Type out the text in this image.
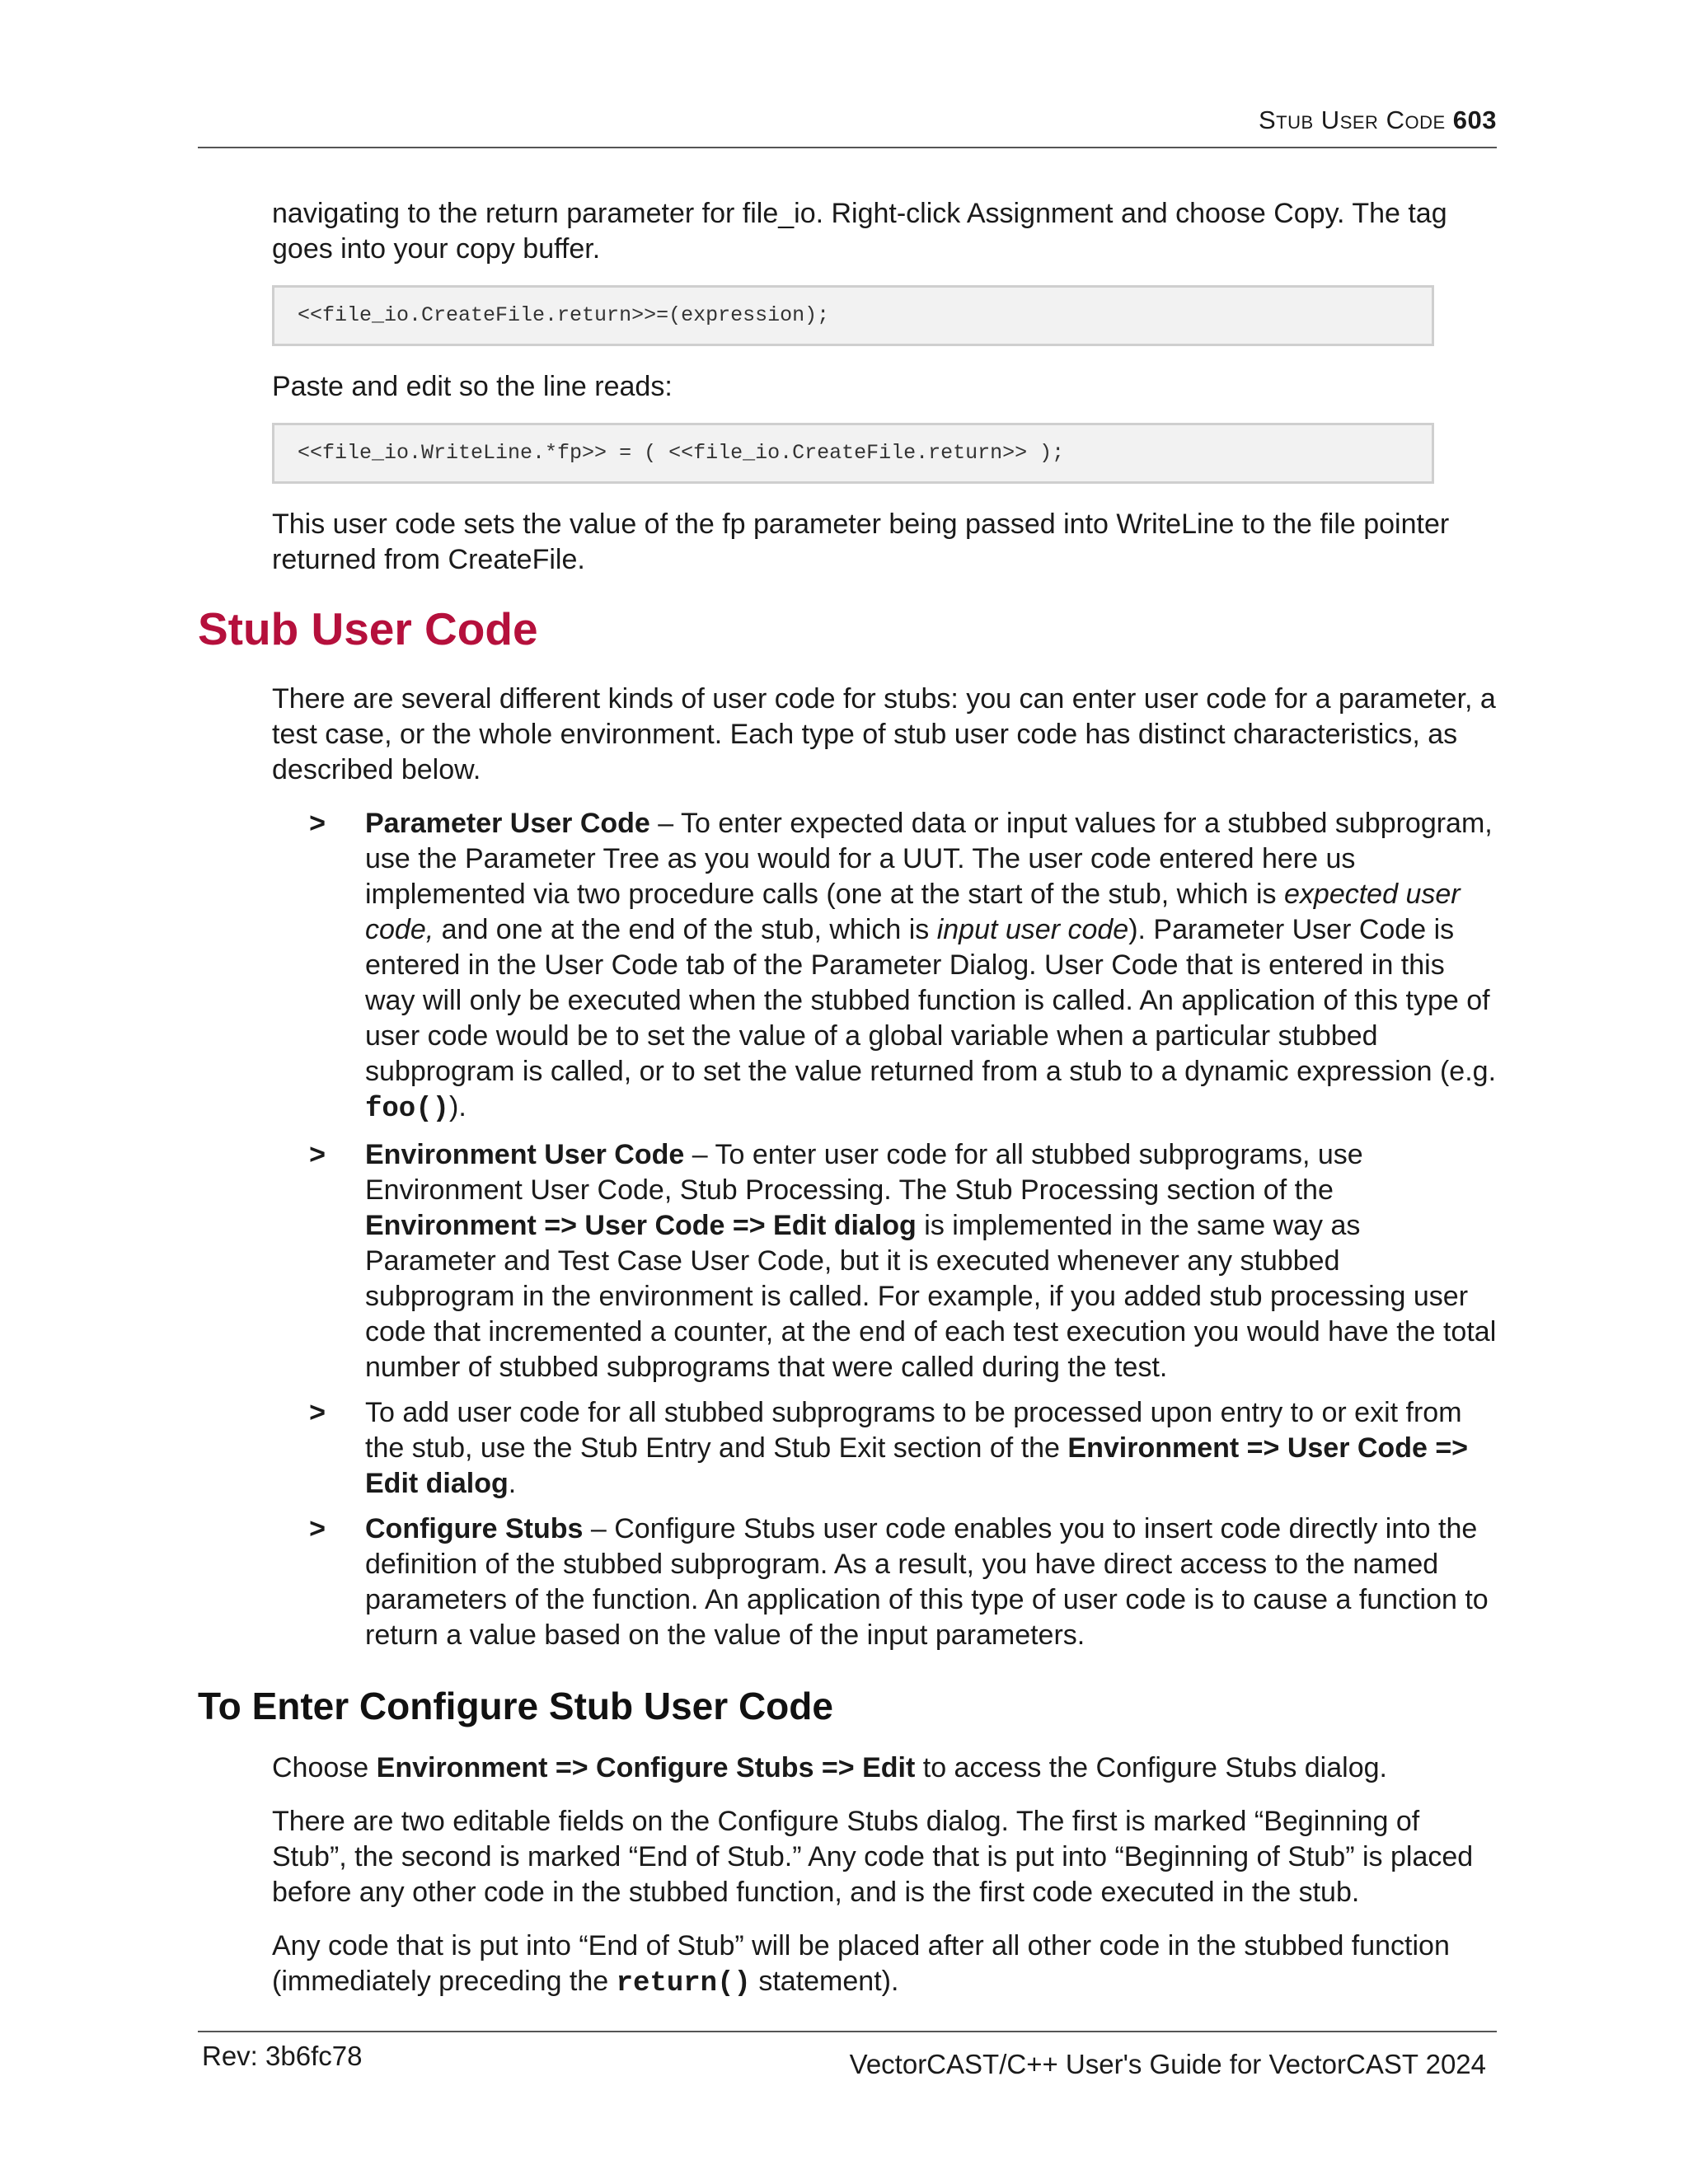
Stub User Code 603

navigating to the return parameter for file_io. Right-click Assignment and choose Copy. The tag goes into your copy buffer.

<<file_io.CreateFile.return>>=(expression);

Paste and edit so the line reads:

<<file_io.WriteLine.*fp>> = ( <<file_io.CreateFile.return>> );

This user code sets the value of the fp parameter being passed into WriteLine to the file pointer returned from CreateFile.

Stub User Code

There are several different kinds of user code for stubs: you can enter user code for a parameter, a test case, or the whole environment. Each type of stub user code has distinct characteristics, as described below.

> Parameter User Code – To enter expected data or input values for a stubbed subprogram, use the Parameter Tree as you would for a UUT. The user code entered here us implemented via two procedure calls (one at the start of the stub, which is expected user code, and one at the end of the stub, which is input user code). Parameter User Code is entered in the User Code tab of the Parameter Dialog. User Code that is entered in this way will only be executed when the stubbed function is called. An application of this type of user code would be to set the value of a global variable when a particular stubbed subprogram is called, or to set the value returned from a stub to a dynamic expression (e.g. foo()).
> Environment User Code – To enter user code for all stubbed subprograms, use Environment User Code, Stub Processing. The Stub Processing section of the Environment => User Code => Edit dialog is implemented in the same way as Parameter and Test Case User Code, but it is executed whenever any stubbed subprogram in the environment is called. For example, if you added stub processing user code that incremented a counter, at the end of each test execution you would have the total number of stubbed subprograms that were called during the test.
> To add user code for all stubbed subprograms to be processed upon entry to or exit from the stub, use the Stub Entry and Stub Exit section of the Environment => User Code => Edit dialog.
> Configure Stubs – Configure Stubs user code enables you to insert code directly into the definition of the stubbed subprogram. As a result, you have direct access to the named parameters of the function. An application of this type of user code is to cause a function to return a value based on the value of the input parameters.
To Enter Configure Stub User Code

Choose Environment => Configure Stubs => Edit to access the Configure Stubs dialog.

There are two editable fields on the Configure Stubs dialog. The first is marked “Beginning of Stub”, the second is marked “End of Stub.” Any code that is put into “Beginning of Stub” is placed before any other code in the stubbed function, and is the first code executed in the stub.

Any code that is put into “End of Stub” will be placed after all other code in the stubbed function (immediately preceding the return() statement).

Rev: 3b6fc78	VectorCAST/C++ User's Guide for VectorCAST 2024
